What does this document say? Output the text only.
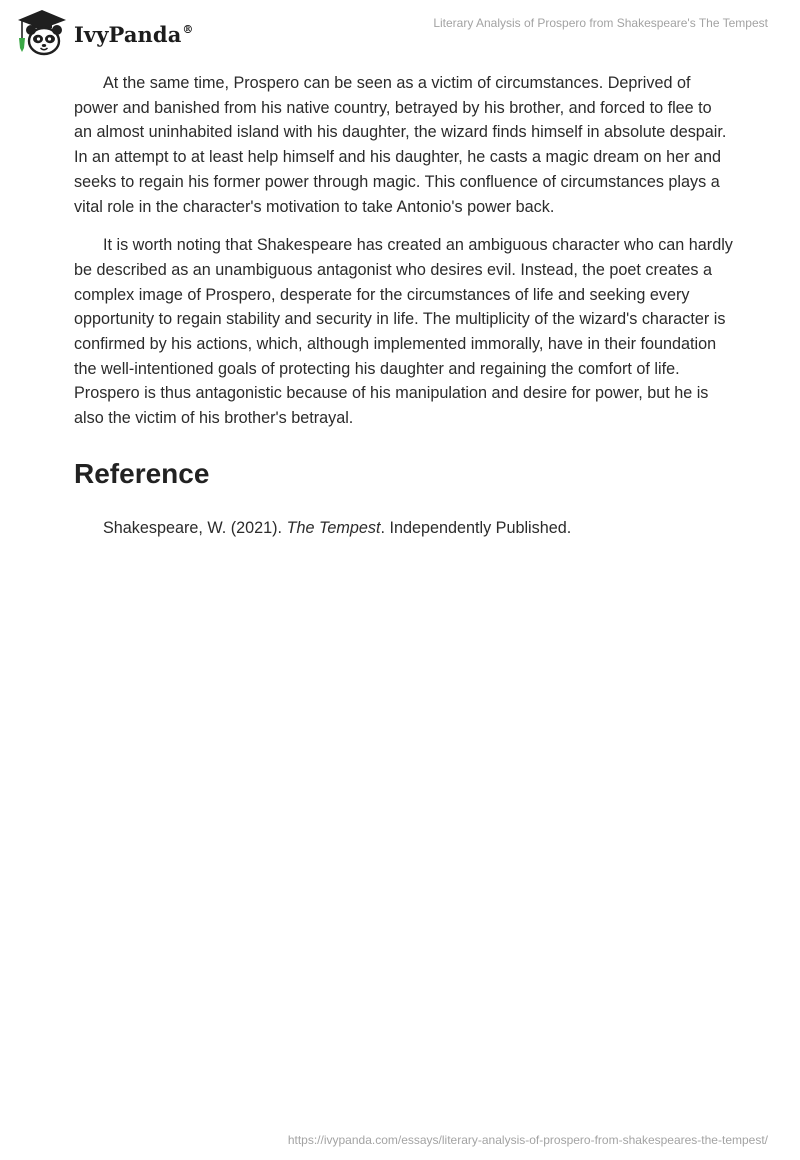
IvyPanda®	Literary Analysis of Prospero from Shakespeare's The Tempest

At the same time, Prospero can be seen as a victim of circumstances. Deprived of power and banished from his native country, betrayed by his brother, and forced to flee to an almost uninhabited island with his daughter, the wizard finds himself in absolute despair. In an attempt to at least help himself and his daughter, he casts a magic dream on her and seeks to regain his former power through magic. This confluence of circumstances plays a vital role in the character's motivation to take Antonio's power back.

It is worth noting that Shakespeare has created an ambiguous character who can hardly be described as an unambiguous antagonist who desires evil. Instead, the poet creates a complex image of Prospero, desperate for the circumstances of life and seeking every opportunity to regain stability and security in life. The multiplicity of the wizard's character is confirmed by his actions, which, although implemented immorally, have in their foundation the well-intentioned goals of protecting his daughter and regaining the comfort of life. Prospero is thus antagonistic because of his manipulation and desire for power, but he is also the victim of his brother's betrayal.

Reference

Shakespeare, W. (2021). The Tempest. Independently Published.

https://ivypanda.com/essays/literary-analysis-of-prospero-from-shakespeares-the-tempest/
